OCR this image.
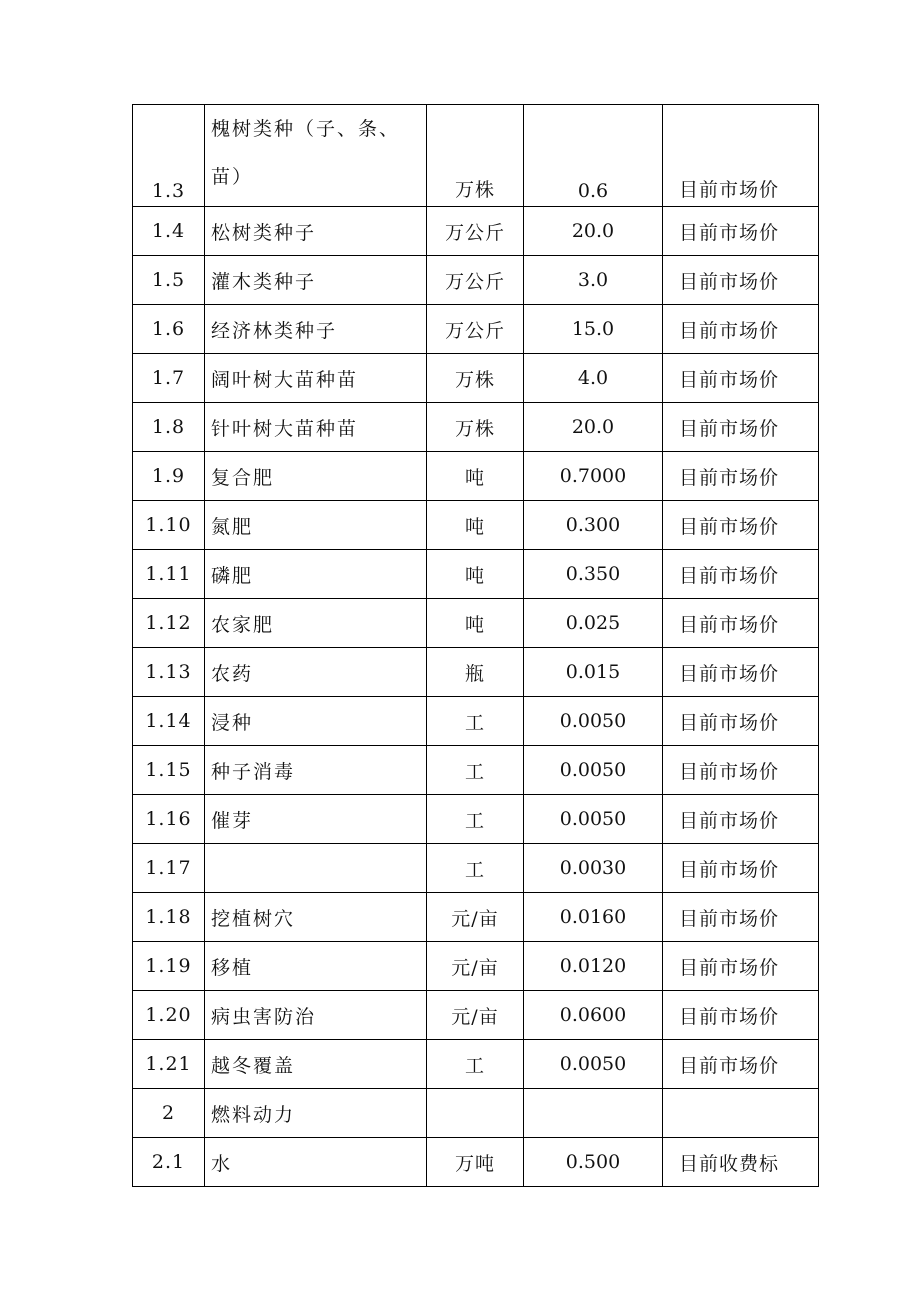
1.3	槐树类种（子、条、苗）	万株	0.6	目前市场价
1.4	松树类种子	万公斤	20.0	目前市场价
1.5	灌木类种子	万公斤	3.0	目前市场价
1.6	经济林类种子	万公斤	15.0	目前市场价
1.7	阔叶树大苗种苗	万株	4.0	目前市场价
1.8	针叶树大苗种苗	万株	20.0	目前市场价
1.9	复合肥	吨	0.7000	目前市场价
1.10	氮肥	吨	0.300	目前市场价
1.11	磷肥	吨	0.350	目前市场价
1.12	农家肥	吨	0.025	目前市场价
1.13	农药	瓶	0.015	目前市场价
1.14	浸种	工	0.0050	目前市场价
1.15	种子消毒	工	0.0050	目前市场价
1.16	催芽	工	0.0050	目前市场价
1.17		工	0.0030	目前市场价
1.18	挖植树穴	元/亩	0.0160	目前市场价
1.19	移植	元/亩	0.0120	目前市场价
1.20	病虫害防治	元/亩	0.0600	目前市场价
1.21	越冬覆盖	工	0.0050	目前市场价
2	燃料动力			
2.1	水	万吨	0.500	目前收费标
